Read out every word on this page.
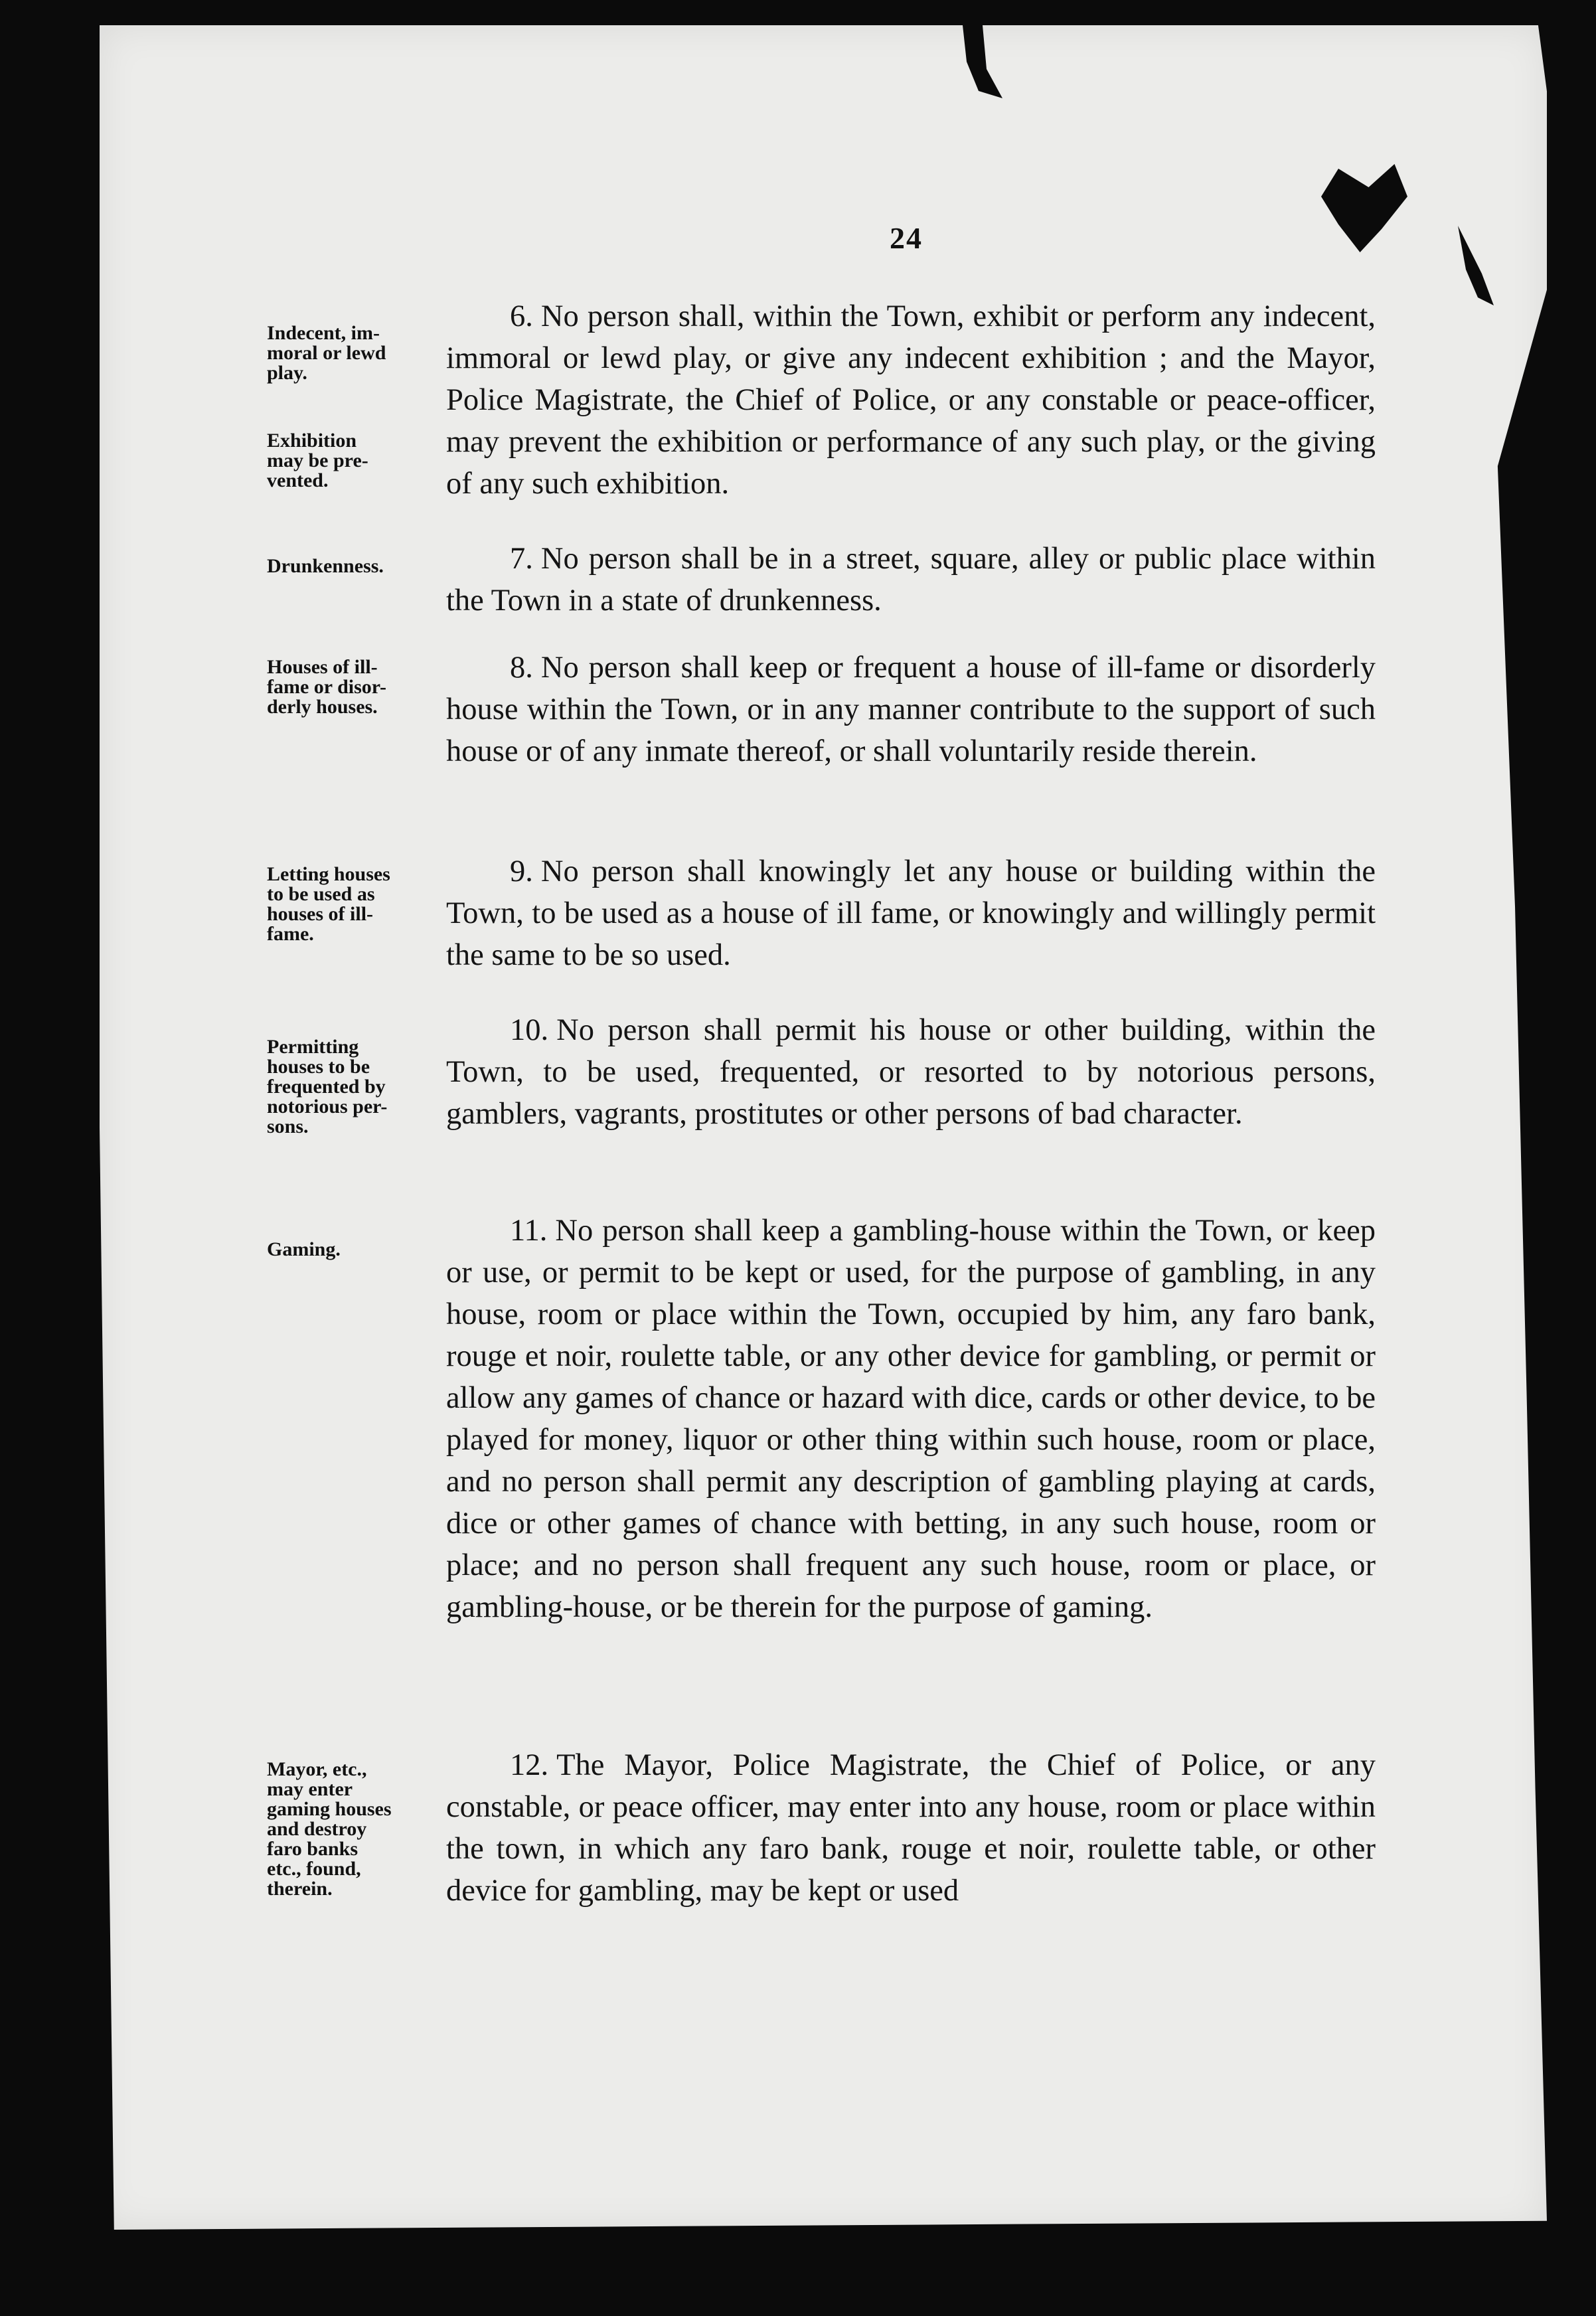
24
Indecent, im-
moral or lewd
play.
Exhibition
may be pre-
vented.

6. No person shall, within the Town, exhibit or perform any indecent, immoral or lewd play, or give any indecent exhibition ; and the Mayor, Police Magistrate, the Chief of Police, or any constable or peace-officer, may prevent the exhibition or performance of any such play, or the giving of any such exhibition.

Drunkenness.	7. No person shall be in a street, square, alley or public place within the Town in a state of drunkenness.

Houses of ill-
fame or disor-
derly houses.

8. No person shall keep or frequent a house of ill-fame or disorderly house within the Town, or in any manner contribute to the support of such house or of any inmate thereof, or shall voluntarily reside therein.

Letting houses
to be used as
houses of ill-
fame.

9. No person shall knowingly let any house or building within the Town, to be used as a house of ill fame, or knowingly and willingly permit the same to be so used.

Permitting
houses to be
frequented by
notorious per-
sons.

10. No person shall permit his house or other building, within the Town, to be used, frequented, or resorted to by notorious persons, gamblers, vagrants, prostitutes or other persons of bad character.

Gaming.

11. No person shall keep a gambling-house within the Town, or keep or use, or permit to be kept or used, for the purpose of gambling, in any house, room or place within the Town, occupied by him, any faro bank, rouge et noir, roulette table, or any other device for gambling, or permit or allow any games of chance or hazard with dice, cards or other device, to be played for money, liquor or other thing within such house, room or place, and no person shall permit any description of gambling playing at cards, dice or other games of chance with betting, in any such house, room or place; and no person shall frequent any such house, room or place, or gambling-house, or be therein for the purpose of gaming.

Mayor, etc.,
may enter
gaming houses
and destroy
faro banks
etc., found,
therein.

12. The Mayor, Police Magistrate, the Chief of Police, or any constable, or peace officer, may enter into any house, room or place within the town, in which any faro bank, rouge et noir, roulette table, or other device for gambling, may be kept or used
